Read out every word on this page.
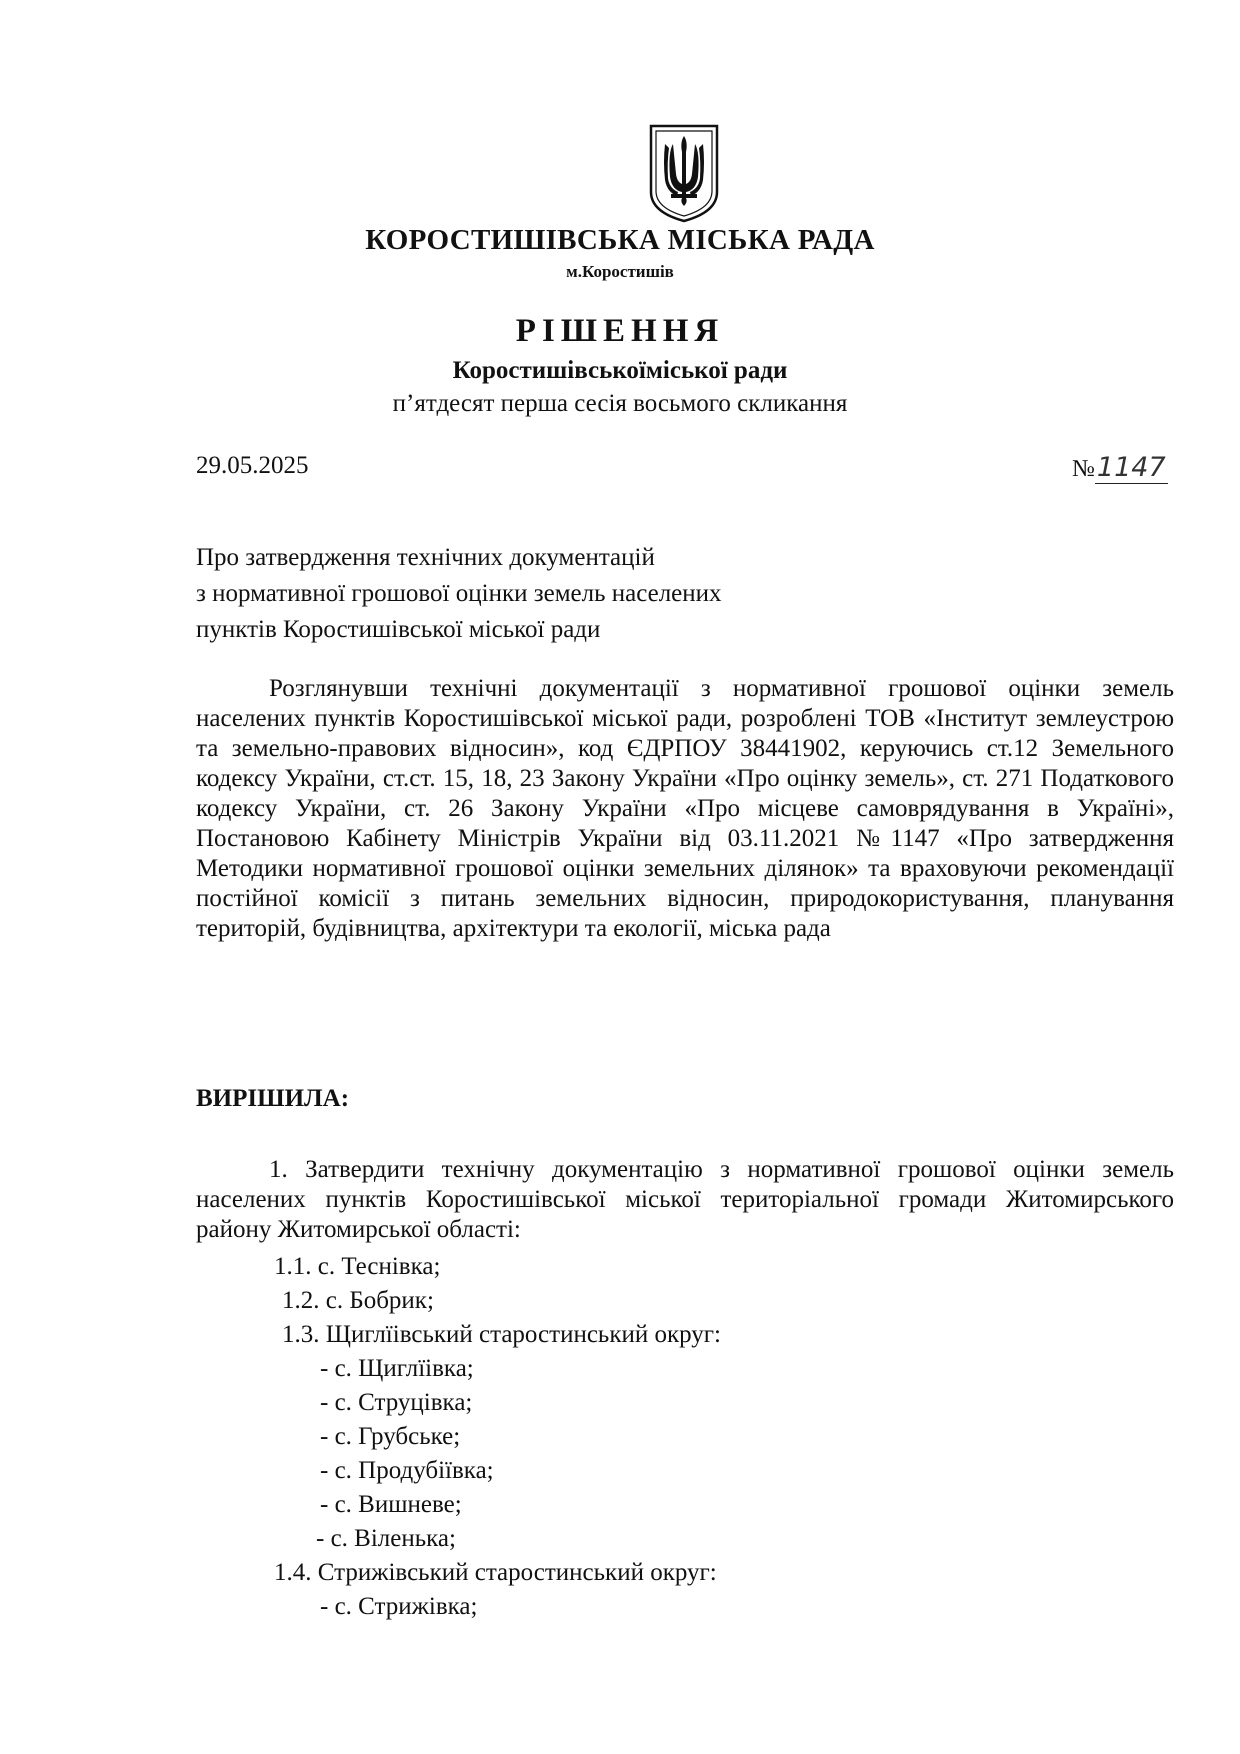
КОРОСТИШІВСЬКА МІСЬКА РАДА
м.Коростишів
РІШЕННЯ
Коростишівськоїміської ради
п’ятдесят перша сесія восьмого скликання
29.05.2025	№1147
Про затвердження технічних документацій
з нормативної грошової оцінки земель населених
пунктів Коростишівської міської ради
Розглянувши технічні документації з нормативної грошової оцінки земель населених пунктів Коростишівської міської ради, розроблені ТОВ «Інститут землеустрою та земельно-правових відносин», код ЄДРПОУ 38441902, керуючись ст.12 Земельного кодексу України, ст.ст. 15, 18, 23 Закону України «Про оцінку земель», ст. 271 Податкового кодексу України, ст. 26 Закону України «Про місцеве самоврядування в Україні», Постановою Кабінету Міністрів України від 03.11.2021 №1147 «Про затвердження Методики нормативної грошової оцінки земельних ділянок» та враховуючи рекомендації постійної комісії з питань земельних відносин, природокористування, планування територій, будівництва, архітектури та екології, міська рада
ВИРІШИЛА:
1. Затвердити технічну документацію з нормативної грошової оцінки земель населених пунктів Коростишівської міської територіальної громади Житомирського району Житомирської області:
1.1. с. Теснівка;
1.2. с. Бобрик;
1.3. Щиглїівський старостинський округ:
- с. Щиглїівка;
- с. Струцівка;
- с. Грубське;
- с. Продубіївка;
- с. Вишневе;
- с. Віленька;
1.4. Стрижівський старостинський округ:
- с. Стрижівка;
